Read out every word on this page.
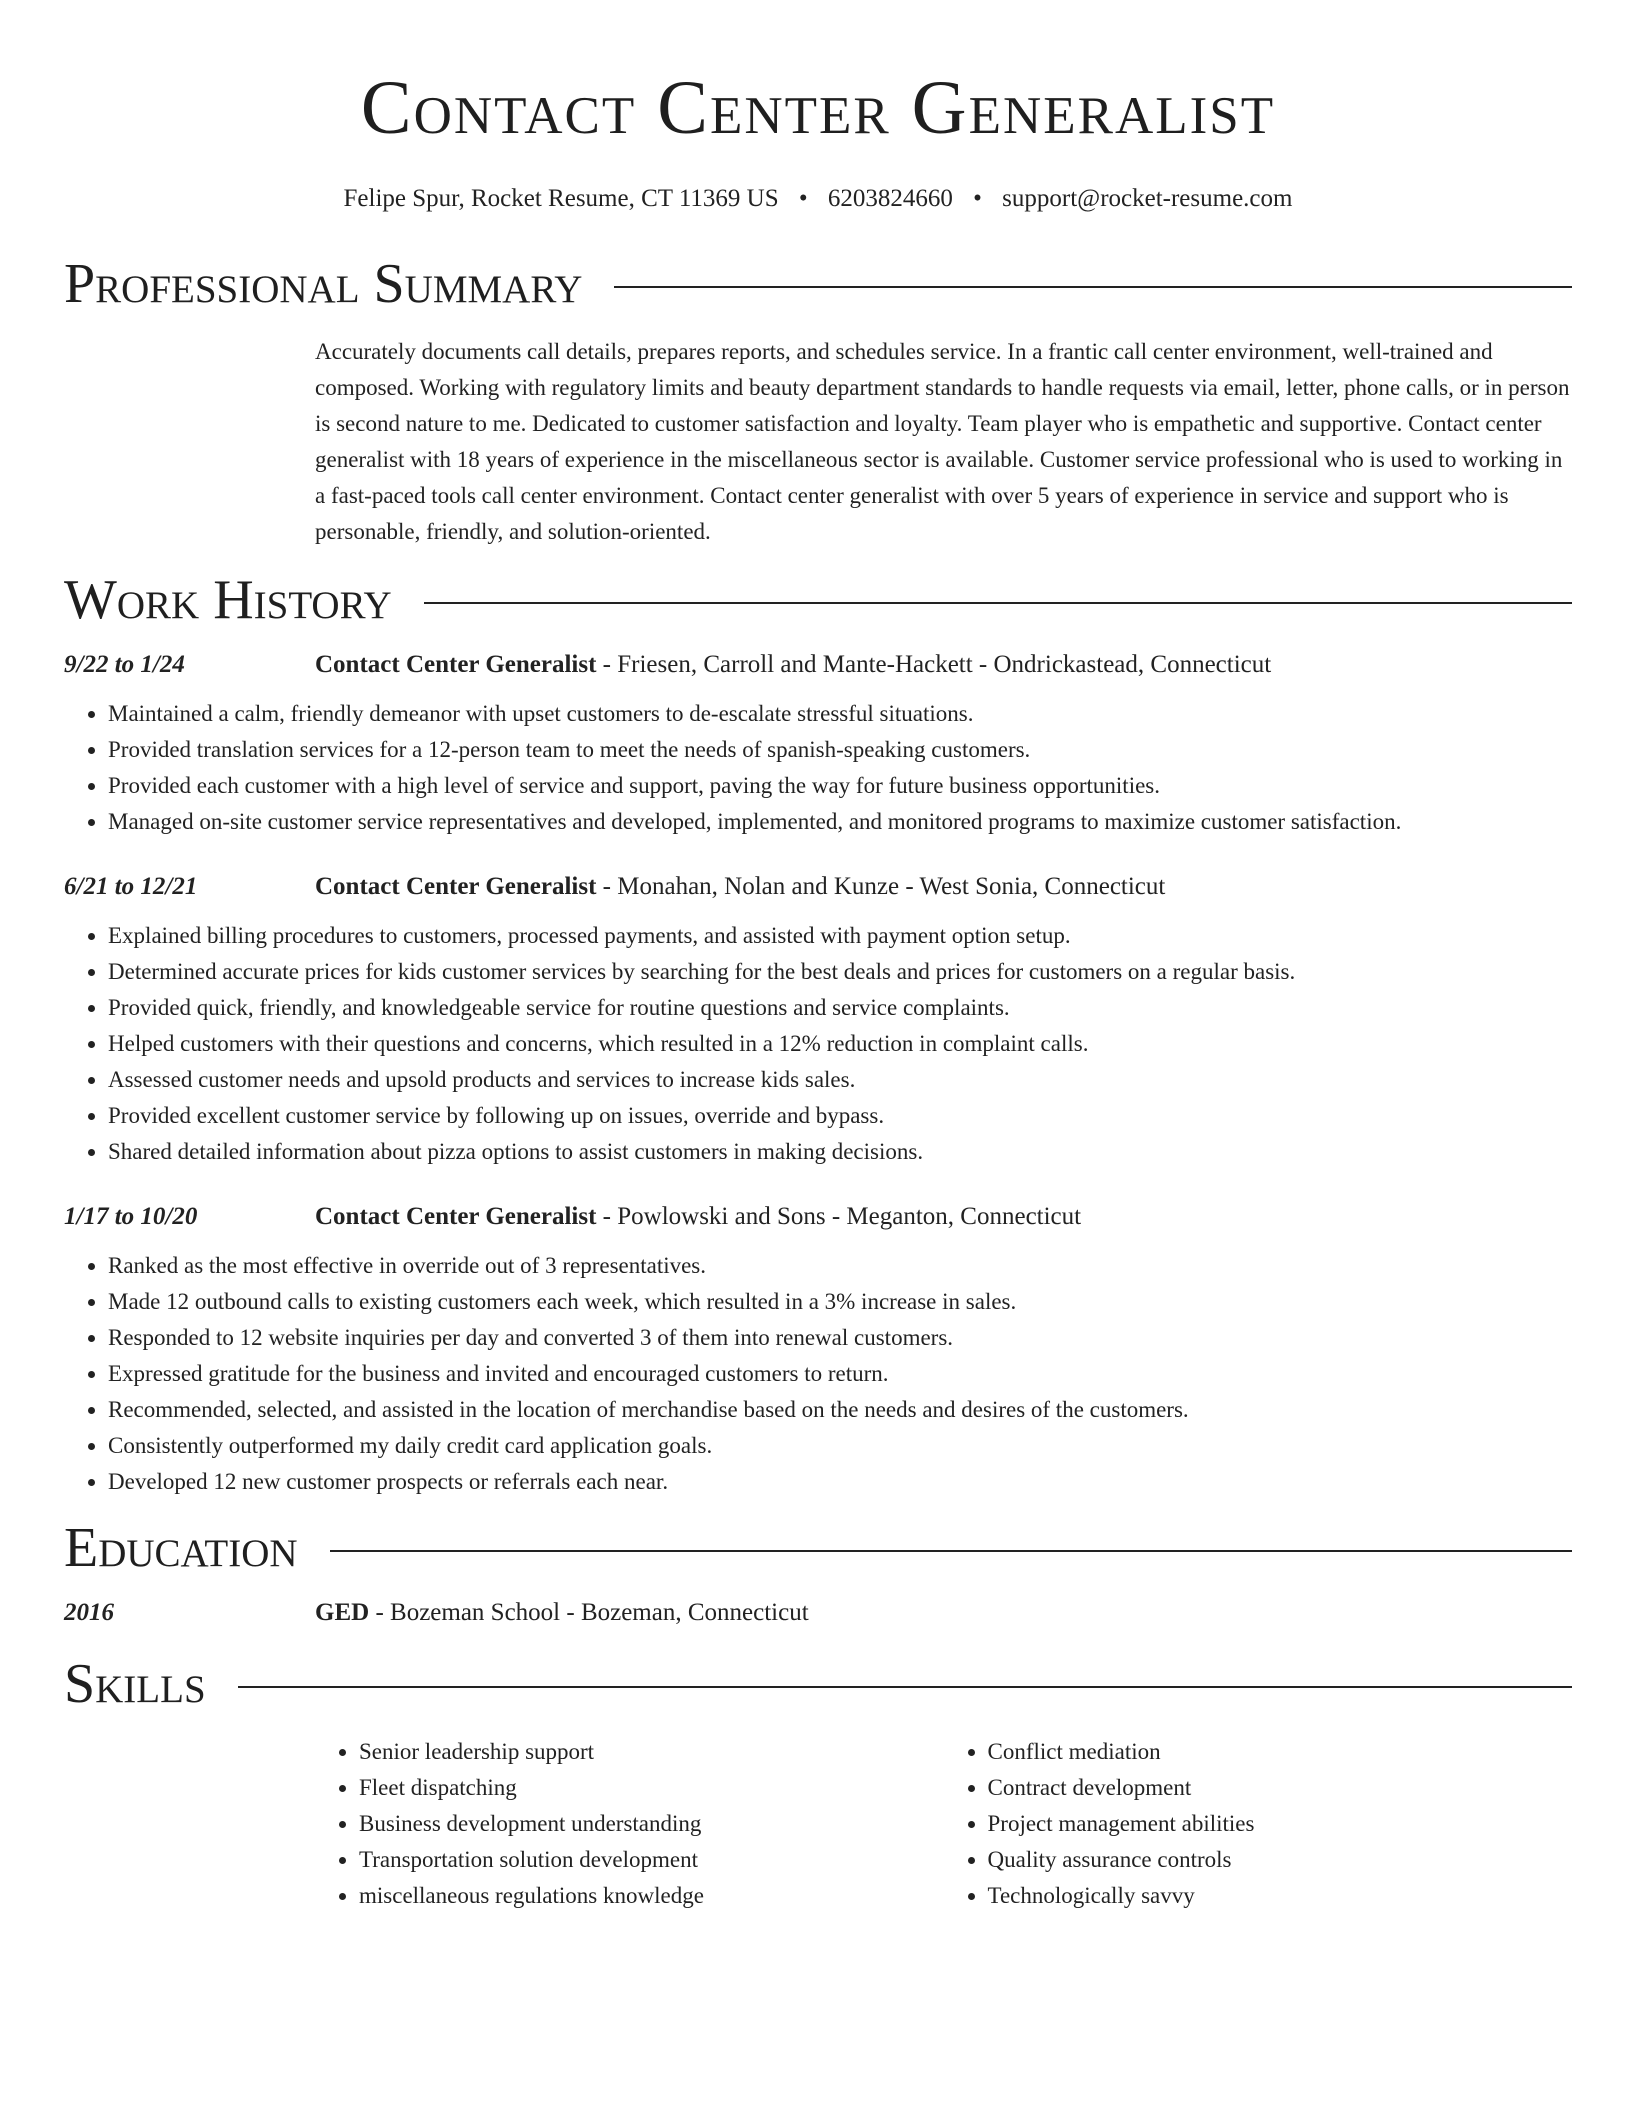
Contact Center Generalist
Felipe Spur, Rocket Resume, CT 11369 US • 6203824660 • support@rocket-resume.com
Professional Summary
Accurately documents call details, prepares reports, and schedules service. In a frantic call center environment, well-trained and composed. Working with regulatory limits and beauty department standards to handle requests via email, letter, phone calls, or in person is second nature to me. Dedicated to customer satisfaction and loyalty. Team player who is empathetic and supportive. Contact center generalist with 18 years of experience in the miscellaneous sector is available. Customer service professional who is used to working in a fast-paced tools call center environment. Contact center generalist with over 5 years of experience in service and support who is personable, friendly, and solution-oriented.
Work History
9/22 to 1/24	Contact Center Generalist - Friesen, Carroll and Mante-Hackett - Ondrickastead, Connecticut
• Maintained a calm, friendly demeanor with upset customers to de-escalate stressful situations.
• Provided translation services for a 12-person team to meet the needs of spanish-speaking customers.
• Provided each customer with a high level of service and support, paving the way for future business opportunities.
• Managed on-site customer service representatives and developed, implemented, and monitored programs to maximize customer satisfaction.
6/21 to 12/21	Contact Center Generalist - Monahan, Nolan and Kunze - West Sonia, Connecticut
• Explained billing procedures to customers, processed payments, and assisted with payment option setup.
• Determined accurate prices for kids customer services by searching for the best deals and prices for customers on a regular basis.
• Provided quick, friendly, and knowledgeable service for routine questions and service complaints.
• Helped customers with their questions and concerns, which resulted in a 12% reduction in complaint calls.
• Assessed customer needs and upsold products and services to increase kids sales.
• Provided excellent customer service by following up on issues, override and bypass.
• Shared detailed information about pizza options to assist customers in making decisions.
1/17 to 10/20	Contact Center Generalist - Powlowski and Sons - Meganton, Connecticut
• Ranked as the most effective in override out of 3 representatives.
• Made 12 outbound calls to existing customers each week, which resulted in a 3% increase in sales.
• Responded to 12 website inquiries per day and converted 3 of them into renewal customers.
• Expressed gratitude for the business and invited and encouraged customers to return.
• Recommended, selected, and assisted in the location of merchandise based on the needs and desires of the customers.
• Consistently outperformed my daily credit card application goals.
• Developed 12 new customer prospects or referrals each near.
Education
2016	GED - Bozeman School - Bozeman, Connecticut
Skills
• Senior leadership support
• Fleet dispatching
• Business development understanding
• Transportation solution development
• miscellaneous regulations knowledge
• Conflict mediation
• Contract development
• Project management abilities
• Quality assurance controls
• Technologically savvy
